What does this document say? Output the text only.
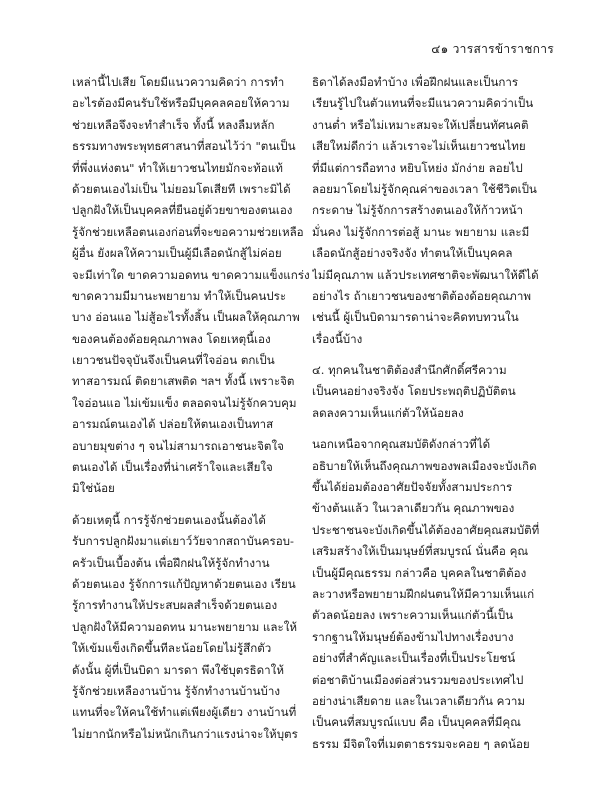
๔๑ วารสารข้าราชการ
เหล่านี้ไปเสีย โดยมีแนวความคิดว่า การทำ
อะไรต้องมีคนรับใช้หรือมีบุคคลคอยให้ความ
ช่วยเหลือจึงจะทำสำเร็จ ทั้งนี้ หลงลืมหลัก
ธรรมทางพระพุทธศาสนาที่สอนไว้ว่า "ตนเป็น
ที่พึ่งแห่งตน" ทำให้เยาวชนไทยมักจะท้อแท้
ด้วยตนเองไม่เป็น ไม่ยอมโตเสียที เพราะมิได้
ปลูกฝังให้เป็นบุคคลที่ยืนอยู่ด้วยขาของตนเอง
รู้จักช่วยเหลือตนเองก่อนที่จะขอความช่วยเหลือ
ผู้อื่น ยังผลให้ความเป็นผู้มีเลือดนักสู้ไม่ค่อย
จะมีเท่าใด ขาดความอดทน ขาดความแข็งแกร่ง
ขาดความมีมานะพยายาม ทำให้เป็นคนประ
บาง อ่อนแอ ไม่สู้อะไรทั้งสิ้น เป็นผลให้คุณภาพ
ของคนต้องด้อยคุณภาพลง โดยเหตุนี้เอง
เยาวชนปัจจุบันจึงเป็นคนที่ใจอ่อน ตกเป็น
ทาสอารมณ์ ติดยาเสพติด ฯลฯ ทั้งนี้ เพราะจิต
ใจอ่อนแอ ไม่เข้มแข็ง ตลอดจนไม่รู้จักควบคุม
อารมณ์ตนเองได้ ปล่อยให้ตนเองเป็นทาส
อบายมุขต่าง ๆ จนไม่สามารถเอาชนะจิตใจ
ตนเองได้ เป็นเรื่องที่น่าเศร้าใจและเสียใจ
มิใช่น้อย
ด้วยเหตุนี้ การรู้จักช่วยตนเองนั้นต้องได้
รับการปลูกฝังมาแต่เยาว์วัยจากสถาบันครอบ-
ครัวเป็นเบื้องต้น เพื่อฝึกฝนให้รู้จักทำงาน
ด้วยตนเอง รู้จักการแก้ปัญหาด้วยตนเอง เรียน
รู้การทำงานให้ประสบผลสำเร็จด้วยตนเอง
ปลูกฝังให้มีความอดทน มานะพยายาม และให้
ให้เข้มแข็งเกิดขึ้นทีละน้อยโดยไม่รู้สึกตัว
ดังนั้น ผู้ที่เป็นบิดา มารดา พึงใช้บุตรธิดาให้
รู้จักช่วยเหลืองานบ้าน รู้จักทำงานบ้านบ้าง
แทนที่จะให้คนใช้ทำแต่เพียงผู้เดียว งานบ้านที่
ไม่ยากนักหรือไม่หนักเกินกว่าแรงน่าจะให้บุตร
ธิดาได้ลงมือทำบ้าง เพื่อฝึกฝนและเป็นการ
เรียนรู้ไปในตัวแทนที่จะมีแนวความคิดว่าเป็น
งานต่ำ หรือไม่เหมาะสมจะให้เปลี่ยนทัศนคติ
เสียใหม่ดีกว่า แล้วเราจะไม่เห็นเยาวชนไทย
ที่มีแต่การถือทาง หยิบโหย่ง มักง่าย ลอยไป
ลอยมาโดยไม่รู้จักคุณค่าของเวลา ใช้ชีวิตเป็น
กระดาษ ไม่รู้จักการสร้างตนเองให้ก้าวหน้า
มั่นคง ไม่รู้จักการต่อสู้ มานะ พยายาม และมี
เลือดนักสู้อย่างจริงจัง ทำตนให้เป็นบุคคล
ไม่มีคุณภาพ แล้วประเทศชาติจะพัฒนาให้ดีได้
อย่างไร ถ้าเยาวชนของชาติต้องด้อยคุณภาพ
เช่นนี้ ผู้เป็นบิดามารดาน่าจะคิดทบทวนใน
เรื่องนี้บ้าง
๔. ทุกคนในชาติต้องสำนึกศักดิ์ศรีความ
เป็นคนอย่างจริงจัง โดยประพฤติปฏิบัติตน
ลดลงความเห็นแก่ตัวให้น้อยลง
นอกเหนือจากคุณสมบัติดังกล่าวที่ได้
อธิบายให้เห็นถึงคุณภาพของพลเมืองจะบังเกิด
ขึ้นได้ย่อมต้องอาศัยปัจจัยทั้งสามประการ
ข้างต้นแล้ว ในเวลาเดียวกัน คุณภาพของ
ประชาชนจะบังเกิดขึ้นได้ต้องอาศัยคุณสมบัติที่
เสริมสร้างให้เป็นมนุษย์ที่สมบูรณ์ นั่นคือ คุณ
เป็นผู้มีคุณธรรม กล่าวคือ บุคคลในชาติต้อง
ละวางหรือพยายามฝึกฝนตนให้มีความเห็นแก่
ตัวลดน้อยลง เพราะความเห็นแก่ตัวนี้เป็น
รากฐานให้มนุษย์ต้องข้ามไปทางเรื่องบาง
อย่างที่สำคัญและเป็นเรื่องที่เป็นประโยชน์
ต่อชาติบ้านเมืองต่อส่วนรวมของประเทศไป
อย่างน่าเสียดาย และในเวลาเดียวกัน ความ
เป็นคนที่สมบูรณ์แบบ คือ เป็นบุคคลที่มีคุณ
ธรรม มีจิตใจที่เมตตาธรรมจะคอย ๆ ลดน้อย
